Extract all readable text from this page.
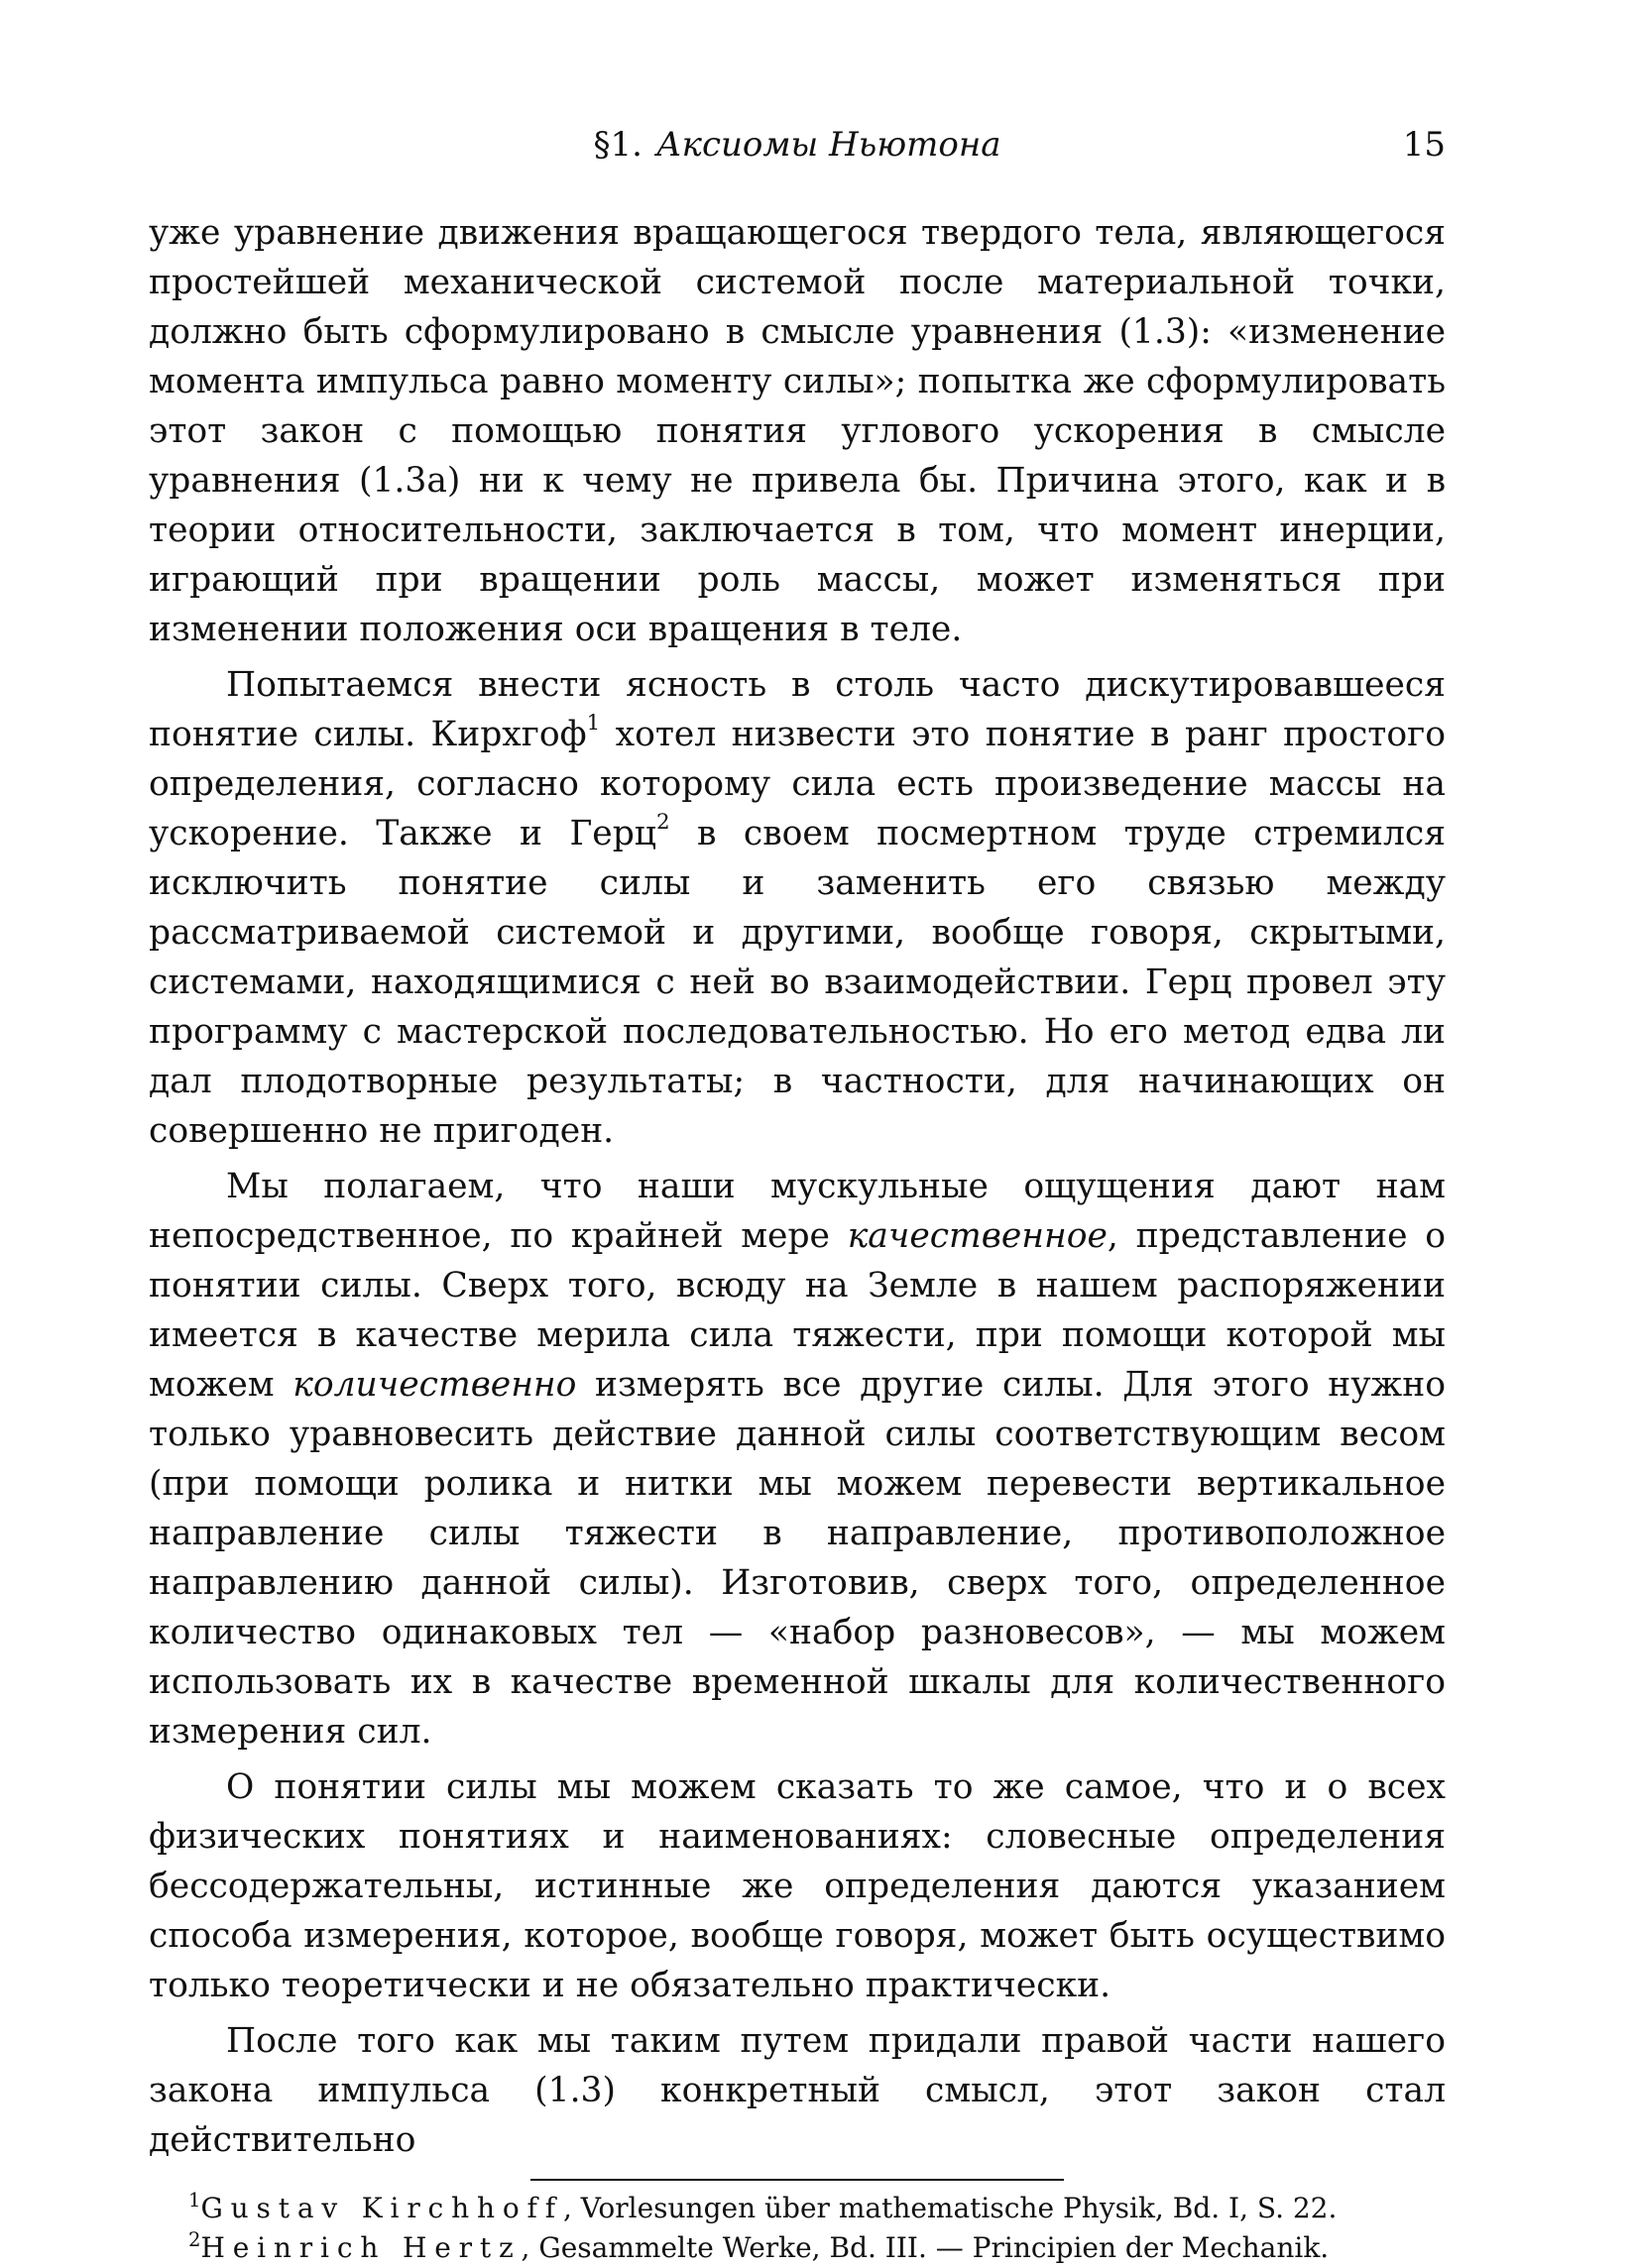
§1. Аксиомы Ньютона	15

уже уравнение движения вращающегося твердого тела, являющегося простейшей механической системой после материальной точки, должно быть сформулировано в смысле уравнения (1.3): «изменение момента импульса равно моменту силы»; попытка же сформулировать этот закон с помощью понятия углового ускорения в смысле уравнения (1.3a) ни к чему не привела бы. Причина этого, как и в теории относительности, заключается в том, что момент инерции, играющий при вращении роль массы, может изменяться при изменении положения оси вращения в теле.

Попытаемся внести ясность в столь часто дискутировавшееся понятие силы. Кирхгоф$^1$ хотел низвести это понятие в ранг простого определения, согласно которому сила есть произведение массы на ускорение. Также и Герц$^2$ в своем посмертном труде стремился исключить понятие силы и заменить его связью между рассматриваемой системой и другими, вообще говоря, скрытыми, системами, находящимися с ней во взаимодействии. Герц провел эту программу с мастерской последовательностью. Но его метод едва ли дал плодотворные результаты; в частности, для начинающих он совершенно не пригоден.

Мы полагаем, что наши мускульные ощущения дают нам непосредственное, по крайней мере качественное, представление о понятии силы. Сверх того, всюду на Земле в нашем распоряжении имеется в качестве мерила сила тяжести, при помощи которой мы можем количественно измерять все другие силы. Для этого нужно только уравновесить действие данной силы соответствующим весом (при помощи ролика и нитки мы можем перевести вертикальное направление силы тяжести в направление, противоположное направлению данной силы). Изготовив, сверх того, определенное количество одинаковых тел — «набор разновесов», — мы можем использовать их в качестве временной шкалы для количественного измерения сил.

О понятии силы мы можем сказать то же самое, что и о всех физических понятиях и наименованиях: словесные определения бессодержательны, истинные же определения даются указанием способа измерения, которое, вообще говоря, может быть осуществимо только теоретически и не обязательно практически.

После того как мы таким путем придали правой части нашего закона импульса (1.3) конкретный смысл, этот закон стал действительно

$^1$Gustav Kirchhoff, Vorlesungen über mathematische Physik, Bd. I, S. 22.
$^2$Heinrich Hertz, Gesammelte Werke, Bd. III. — Principien der Mechanik.
